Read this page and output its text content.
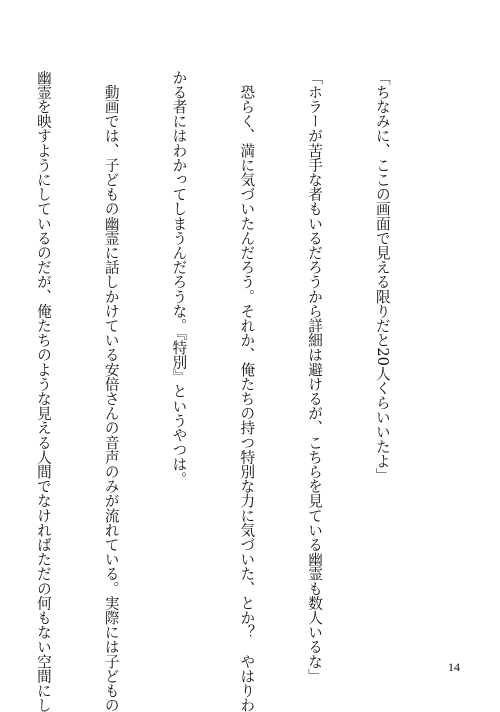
「ちなみに、ここの画面で見える限りだと20人くらいいたよ」

「ホラーが苦手な者もいるだろうから詳細は避けるが、こちらを見ている幽霊も数人いるな」

　恐らく、満に気づいたんだろう。それか、俺たちの持つ特別な力に気づいた、とか？　やはりわ

かる者にはわかってしまうんだろうな。『特別』というやつは。

　動画では、子どもの幽霊に話しかけている安倍さんの音声のみが流れている。実際には子どもの

幽霊を映すようにしているのだが、俺たちのような見える人間でなければただの何もない空間にし

	14
